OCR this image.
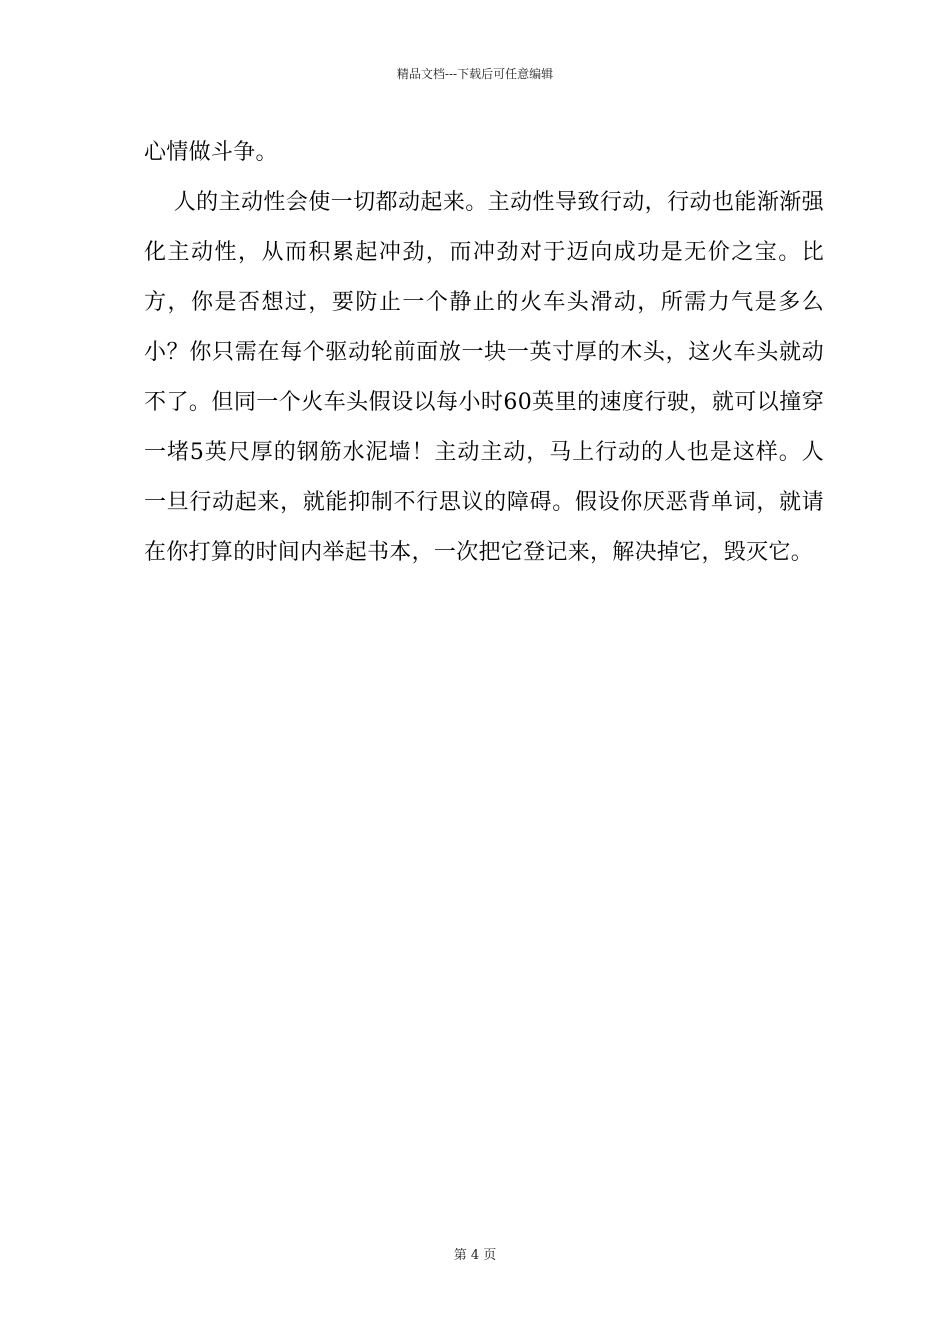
精品文档---下载后可任意编辑

心情做斗争。

人的主动性会使一切都动起来。主动性导致行动，行动也能渐渐强化主动性，从而积累起冲劲，而冲劲对于迈向成功是无价之宝。比方，你是否想过，要防止一个静止的火车头滑动，所需力气是多么小？你只需在每个驱动轮前面放一块一英寸厚的木头，这火车头就动不了。但同一个火车头假设以每小时60英里的速度行驶，就可以撞穿一堵5英尺厚的钢筋水泥墙！主动主动，马上行动的人也是这样。人一旦行动起来，就能抑制不行思议的障碍。假设你厌恶背单词，就请在你打算的时间内举起书本，一次把它登记来，解决掉它，毁灭它。

第 4 页
